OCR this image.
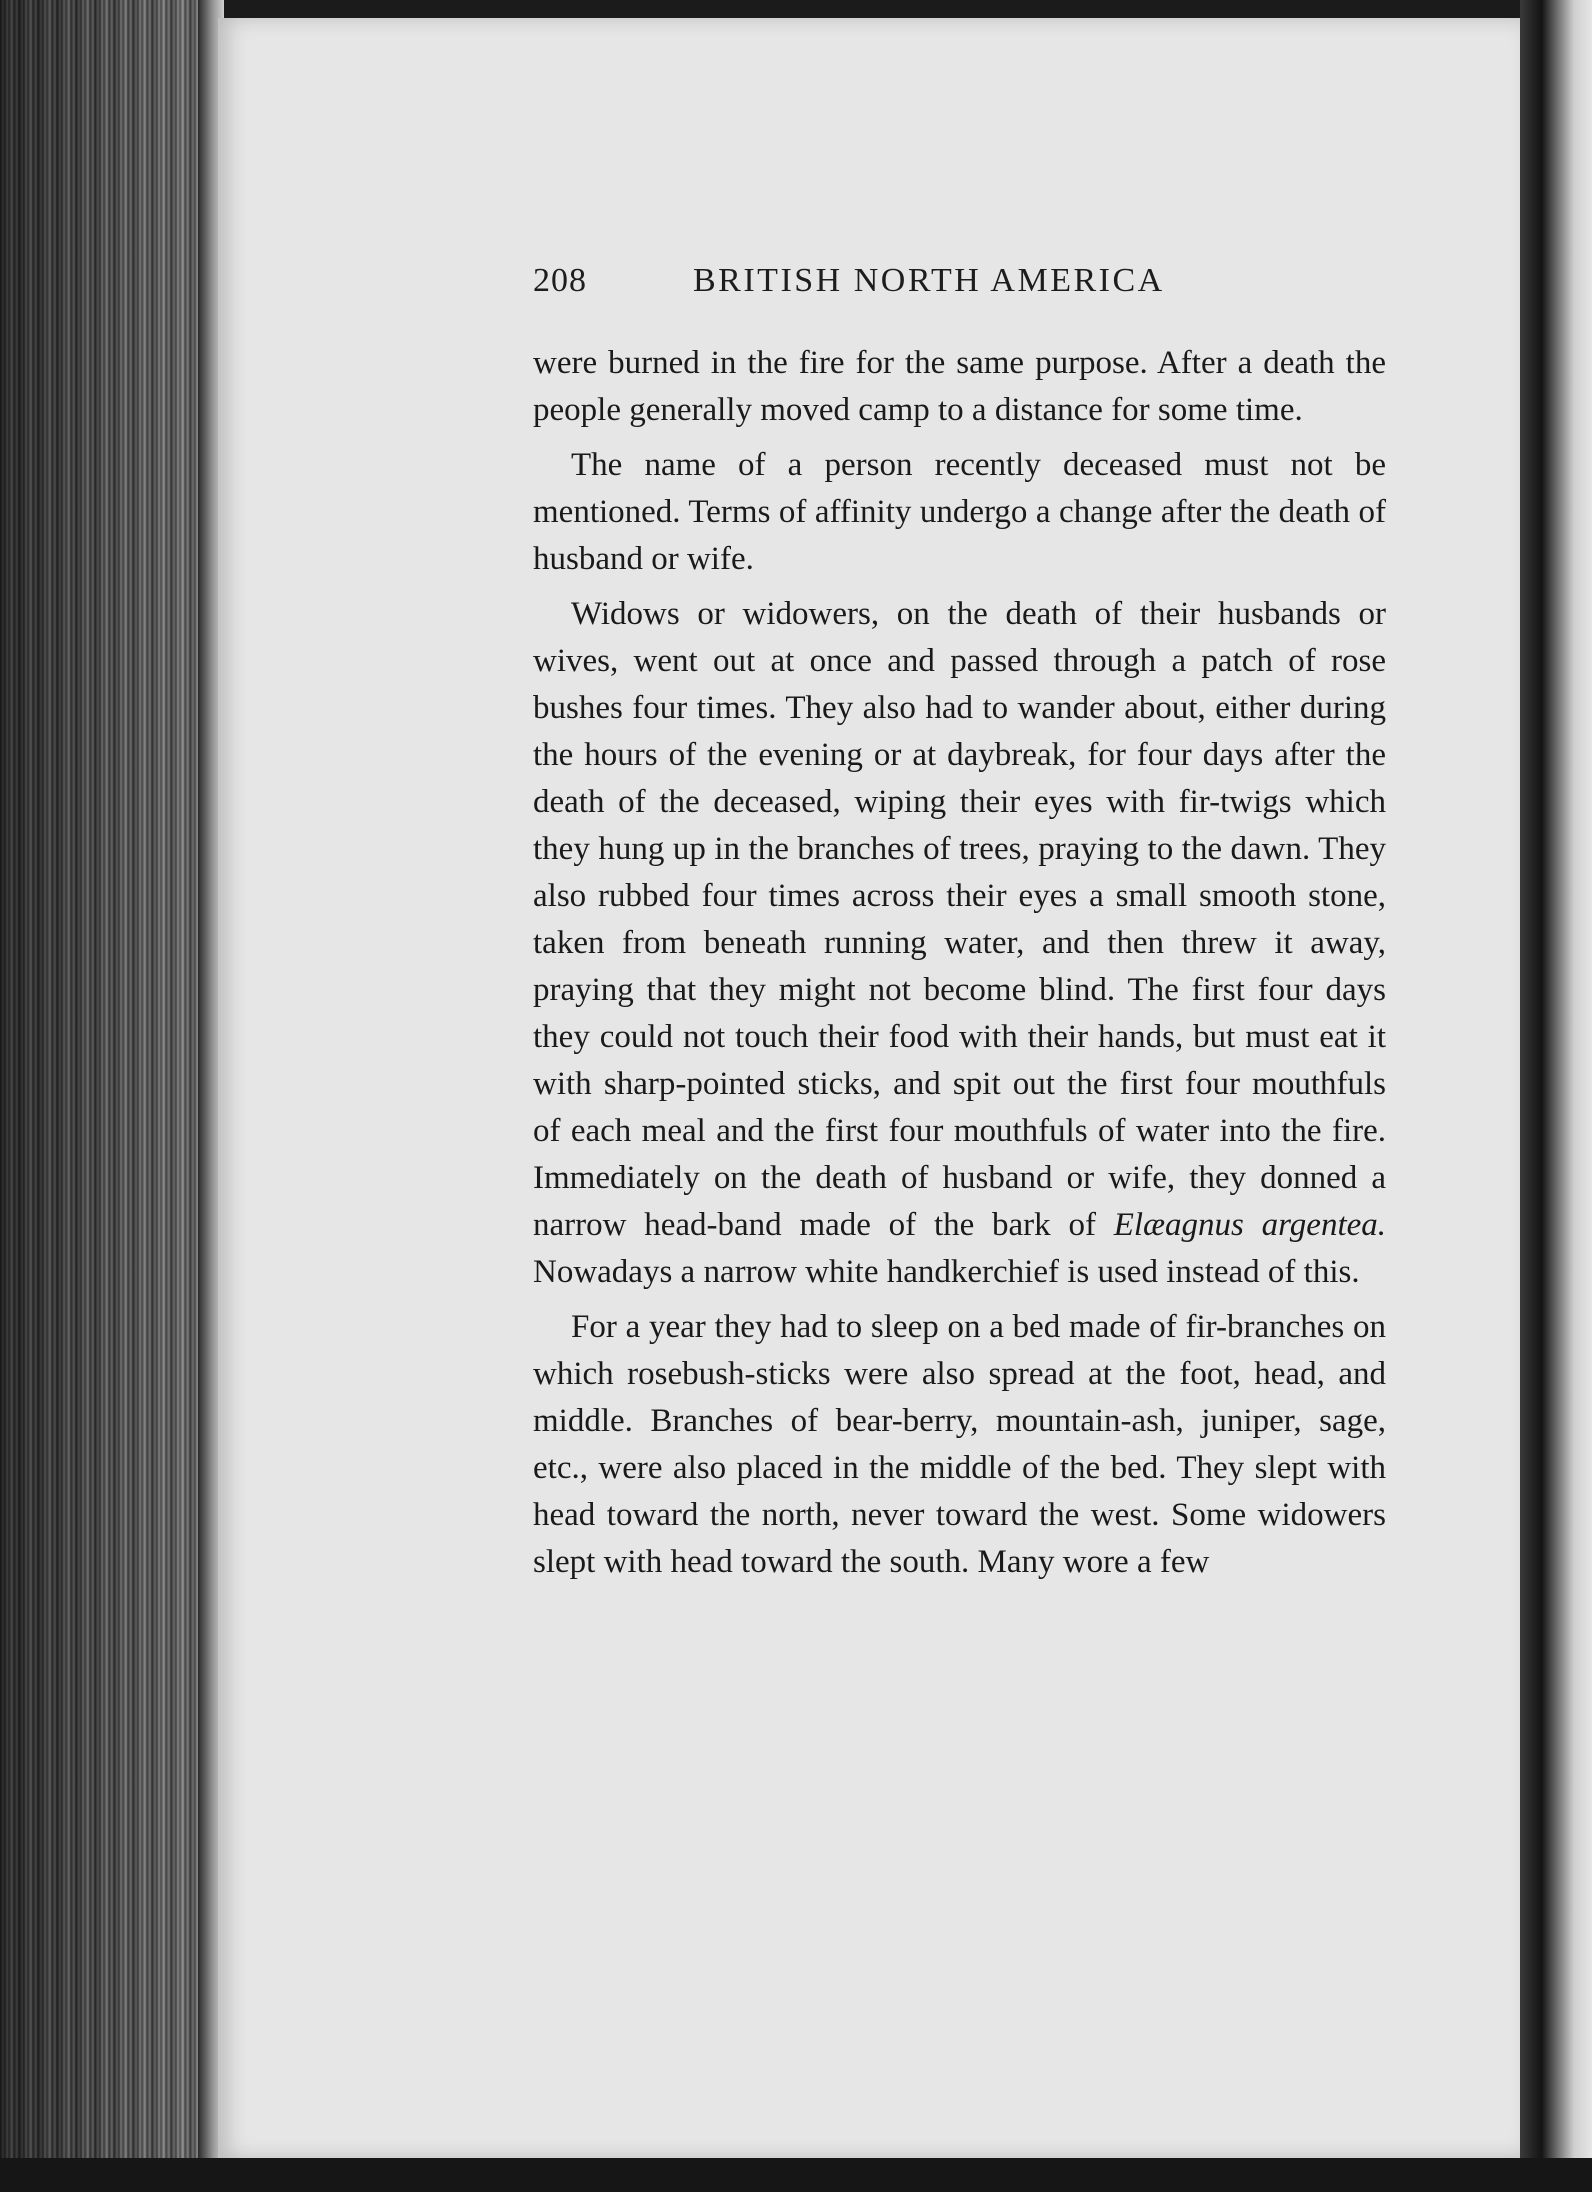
208	BRITISH NORTH AMERICA

were burned in the fire for the same purpose. After a death the people generally moved camp to a distance for some time.

The name of a person recently deceased must not be mentioned. Terms of affinity undergo a change after the death of husband or wife.

Widows or widowers, on the death of their husbands or wives, went out at once and passed through a patch of rose bushes four times. They also had to wander about, either during the hours of the evening or at daybreak, for four days after the death of the deceased, wiping their eyes with fir-twigs which they hung up in the branches of trees, praying to the dawn. They also rubbed four times across their eyes a small smooth stone, taken from beneath running water, and then threw it away, praying that they might not become blind. The first four days they could not touch their food with their hands, but must eat it with sharp-pointed sticks, and spit out the first four mouthfuls of each meal and the first four mouthfuls of water into the fire. Immediately on the death of husband or wife, they donned a narrow head-band made of the bark of Elæagnus argentea. Nowadays a narrow white handkerchief is used instead of this.

For a year they had to sleep on a bed made of fir-branches on which rosebush-sticks were also spread at the foot, head, and middle. Branches of bear-berry, mountain-ash, juniper, sage, etc., were also placed in the middle of the bed. They slept with head toward the north, never toward the west. Some widowers slept with head toward the south. Many wore a few
